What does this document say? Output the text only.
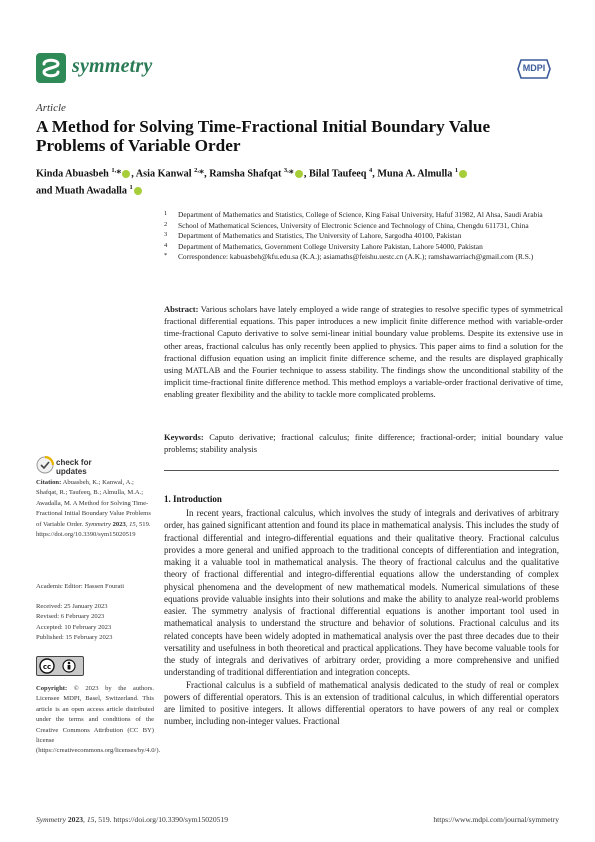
symmetry	MDPI
Article
A Method for Solving Time-Fractional Initial Boundary Value Problems of Variable Order
Kinda Abuasbeh $^{1,}$* , Asia Kanwal $^{2,}$*, Ramsha Shafqat $^{3,}$* , Bilal Taufeeq $^4$, Muna A. Almulla $^1$
and Muath Awadalla $^1$
1 Department of Mathematics and Statistics, College of Science, King Faisal University, Hafuf 31982, Al Ahsa, Saudi Arabia
2 School of Mathematical Sciences, University of Electronic Science and Technology of China, Chengdu 611731, China
3 Department of Mathematics and Statistics, The University of Lahore, Sargodha 40100, Pakistan
4 Department of Mathematics, Government College University Lahore Pakistan, Lahore 54000, Pakistan
* Correspondence: kabuasbeh@kfu.edu.sa (K.A.); asiamaths@feishu.uestc.cn (A.K.); ramshawarriach@gmail.com (R.S.)
Abstract: Various scholars have lately employed a wide range of strategies to resolve specific types of symmetrical fractional differential equations. This paper introduces a new implicit finite difference method with variable-order time-fractional Caputo derivative to solve semi-linear initial boundary value problems. Despite its extensive use in other areas, fractional calculus has only recently been applied to physics. This paper aims to find a solution for the fractional diffusion equation using an implicit finite difference scheme, and the results are displayed graphically using MATLAB and the Fourier technique to assess stability. The findings show the unconditional stability of the implicit time-fractional finite difference method. This method employs a variable-order fractional derivative of time, enabling greater flexibility and the ability to tackle more complicated problems.
Keywords: Caputo derivative; fractional calculus; finite difference; fractional-order; initial boundary value problems; stability analysis
check for
updates
Citation: Abuasbeh, K.; Kanwal, A.; Shafqat, R.; Taufeeq, B.; Almulla, M.A.; Awadalla, M. A Method for Solving Time-Fractional Initial Boundary Value Problems of Variable Order. Symmetry 2023, 15, 519. https://doi.org/10.3390/sym15020519
Academic Editor: Hassen Fourati
Received: 25 January 2023
Revised: 6 February 2023
Accepted: 10 February 2023
Published: 15 February 2023
cc
Copyright: © 2023 by the authors. Licensee MDPI, Basel, Switzerland. This article is an open access article distributed under the terms and conditions of the Creative Commons Attribution (CC BY) license (https://creativecommons.org/licenses/by/4.0/).
1. Introduction

In recent years, fractional calculus, which involves the study of integrals and derivatives of arbitrary order, has gained significant attention and found its place in mathematical analysis. This includes the study of fractional differential and integro-differential equations and their qualitative theory. Fractional calculus provides a more general and unified approach to the traditional concepts of differentiation and integration, making it a valuable tool in mathematical analysis. The theory of fractional calculus and the qualitative theory of fractional differential and integro-differential equations allow the understanding of complex physical phenomena and the development of new mathematical models. Numerical simulations of these equations provide valuable insights into their solutions and make the ability to analyze real-world problems easier. The symmetry analysis of fractional differential equations is another important tool used in mathematical analysis to understand the structure and behavior of solutions. Fractional calculus and its related concepts have been widely adopted in mathematical analysis over the past three decades due to their versatility and usefulness in both theoretical and practical applications. They have become valuable tools for the study of integrals and derivatives of arbitrary order, providing a more comprehensive and unified understanding of traditional differentiation and integration concepts.

Fractional calculus is a subfield of mathematical analysis dedicated to the study of real or complex powers of differential operators. This is an extension of traditional calculus, in which differential operators are limited to positive integers. It allows differential operators to have powers of any real or complex number, including non-integer values. Fractional

Symmetry 2023, 15, 519. https://doi.org/10.3390/sym15020519	https://www.mdpi.com/journal/symmetry
